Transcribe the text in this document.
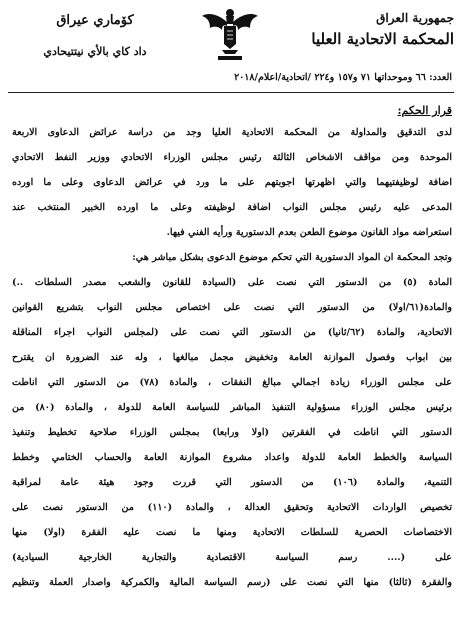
جمهورية العراق
المحكمة الاتحادية العليا
كوٚماري عيراق
داد كاي بالأي نيتتيحادي
العدد: ٦٦ وموحداتها ٧١ و١٥٧ و٢٢٤ /اتحادية/اعلام/٢٠١٨
قرار الحكم:
لدى التدقيق والمداولة من المحكمة الاتحادية العليا وجد من دراسة عرائض الدعاوى الاربعة
الموحدة ومن مواقف الاشخاص الثالثة رئيس مجلس الوزراء الاتحادي ووزير النفط الاتحادي
اضافة لوظيفتيهما والتي اظهرتها اجوبتهم على ما ورد في عرائض الدعاوى وعلى ما اورده
المدعى عليه رئيس مجلس النواب اضافة لوظيفته وعلى ما اورده الخبير المنتخب عند
استعراضه مواد القانون موضوع الطعن بعدم الدستورية ورأيه الفني فيها.
وتجد المحكمة ان المواد الدستورية التي تحكم موضوع الدعوى بشكل مباشر هي:
المادة (٥) من الدستور التي نصت على (السيادة للقانون والشعب مصدر السلطات ..)
والمادة(٦١/اولا) من الدستور التي نصت على اختصاص مجلس النواب بتشريع القوانين
الاتحادية، والمادة (٦٢/ثانيا) من الدستور التي نصت على (لمجلس النواب اجراء المناقلة
بين ابواب وفصول الموازنة العامة وتخفيض مجمل مبالغها ، وله عند الضرورة ان يقترح
على مجلس الوزراء زيادة اجمالي مبالغ النفقات ، والمادة (٧٨) من الدستور التي اناطت
برئيس مجلس الوزراء مسؤولية التنفيذ المباشر للسياسة العامة للدولة ، والمادة (٨٠) من
الدستور التي اناطت في الفقرتين (اولا ورابعا) بمجلس الوزراء صلاحية تخطيط وتنفيذ
السياسة والخطط العامة للدولة واعداد مشروع الموازنة العامة والحساب الختامي وخطط
التنمية، والمادة (١٠٦) من الدستور التي قررت وجود هيئة عامة لمراقبة
تخصيص الواردات الاتحادية وتحقيق العدالة ، والمادة (١١٠) من الدستور نصت على
الاختصاصات الحصرية للسلطات الاتحادية ومنها ما نصت عليه الفقرة (اولا) منها
على (.... رسم السياسة الاقتصادية والتجارية الخارجية السيادية)
والفقرة (ثالثا) منها التي نصت على (رسم السياسة المالية والكمركية واصدار العملة وتنظيم
